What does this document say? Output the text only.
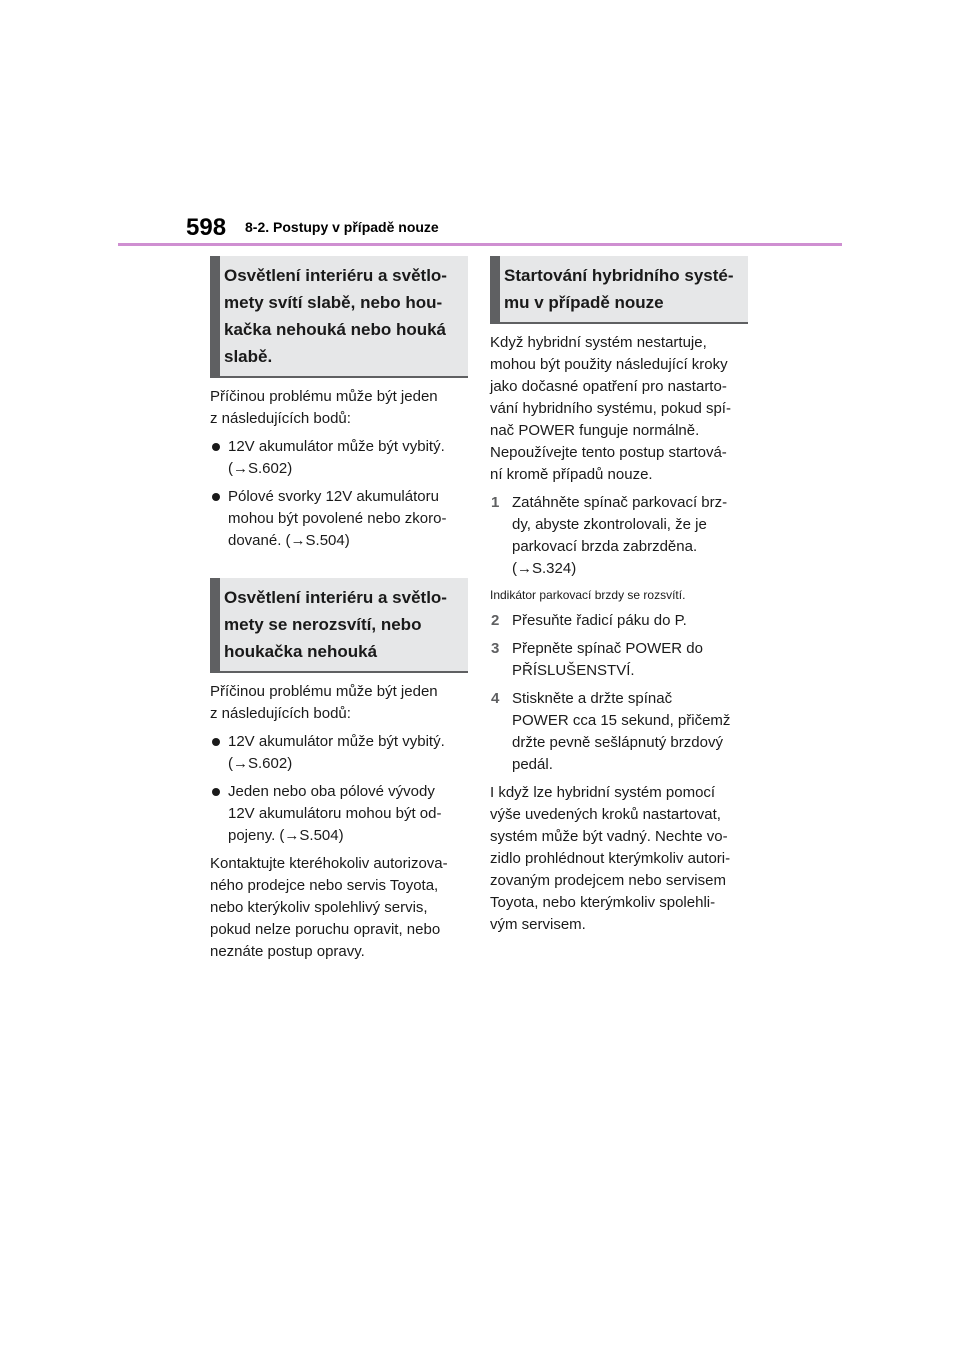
598 8-2. Postupy v případě nouze
Osvětlení interiéru a světlo-
mety svítí slabě, nebo hou-
kačka nehouká nebo houká
slabě.

Příčinou problému může být jeden
z následujících bodů:

12V akumulátor může být vybitý.
(→S.602)
Pólové svorky 12V akumulátoru
mohou být povolené nebo zkoro-
dované. (→S.504)
Osvětlení interiéru a světlo-
mety se nerozsvítí, nebo
houkačka nehouká

Příčinou problému může být jeden
z následujících bodů:

12V akumulátor může být vybitý.
(→S.602)
Jeden nebo oba pólové vývody
12V akumulátoru mohou být od-
pojeny. (→S.504)

Kontaktujte kteréhokoliv autorizova-
ného prodejce nebo servis Toyota,
nebo kterýkoliv spolehlivý servis,
pokud nelze poruchu opravit, nebo
neznáte postup opravy.

Startování hybridního systé-
mu v případě nouze

Když hybridní systém nestartuje,
mohou být použity následující kroky
jako dočasné opatření pro nastarto-
vání hybridního systému, pokud spí-
nač POWER funguje normálně.
Nepoužívejte tento postup startová-
ní kromě případů nouze.

1 Zatáhněte spínač parkovací brz-
dy, abyste zkontrolovali, že je
parkovací brzda zabrzděna.
(→S.324)

Indikátor parkovací brzdy se rozsvítí.

2 Přesuňte řadicí páku do P.
3 Přepněte spínač POWER do
PŘÍSLUŠENSTVÍ.
4 Stiskněte a držte spínač
POWER cca 15 sekund, přičemž
držte pevně sešlápnutý brzdový
pedál.

I když lze hybridní systém pomocí
výše uvedených kroků nastartovat,
systém může být vadný. Nechte vo-
zidlo prohlédnout kterýmkoliv autori-
zovaným prodejcem nebo servisem
Toyota, nebo kterýmkoliv spolehli-
vým servisem.
